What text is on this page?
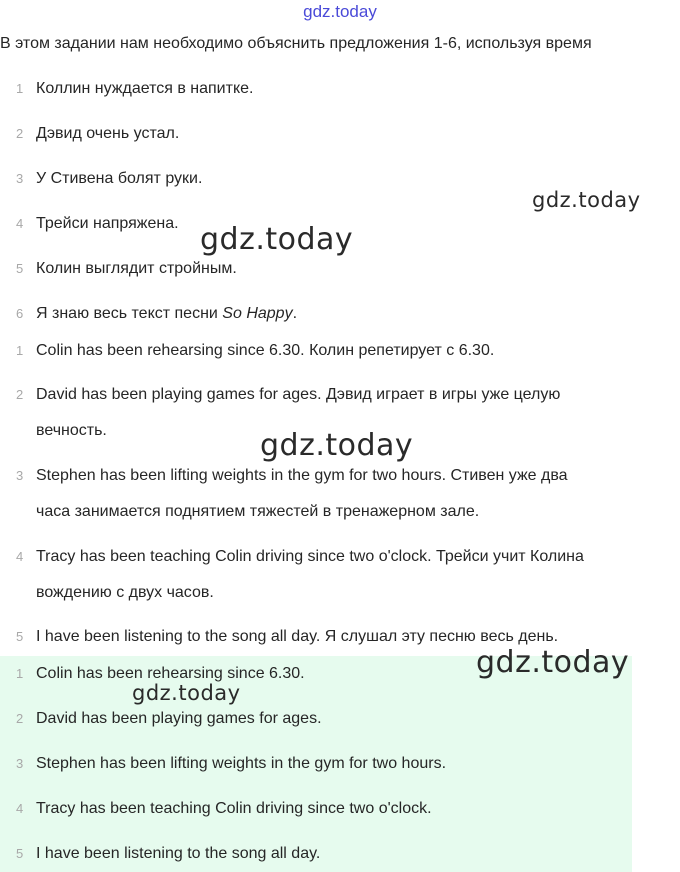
gdz.today
В этом задании нам необходимо объяснить предложения 1-6, используя время
1 Коллин нуждается в напитке.
2 Дэвид очень устал.
3 У Стивена болят руки.
4 Трейси напряжена.
5 Колин выглядит стройным.
6 Я знаю весь текст песни So Happy.
1 Colin has been rehearsing since 6.30. Колин репетирует с 6.30.
2 David has been playing games for ages. Дэвид играет в игры уже целую
вечность.
3 Stephen has been lifting weights in the gym for two hours. Стивен уже два
часа занимается поднятием тяжестей в тренажерном зале.
4 Tracy has been teaching Colin driving since two o'clock. Трейси учит Колина
вождению с двух часов.
5 I have been listening to the song all day. Я слушал эту песню весь день.
1 Colin has been rehearsing since 6.30.
2 David has been playing games for ages.
3 Stephen has been lifting weights in the gym for two hours.
4 Tracy has been teaching Colin driving since two o'clock.
5 I have been listening to the song all day.
gdz.today
gdz.today
gdz.today
gdz.today
gdz.today
